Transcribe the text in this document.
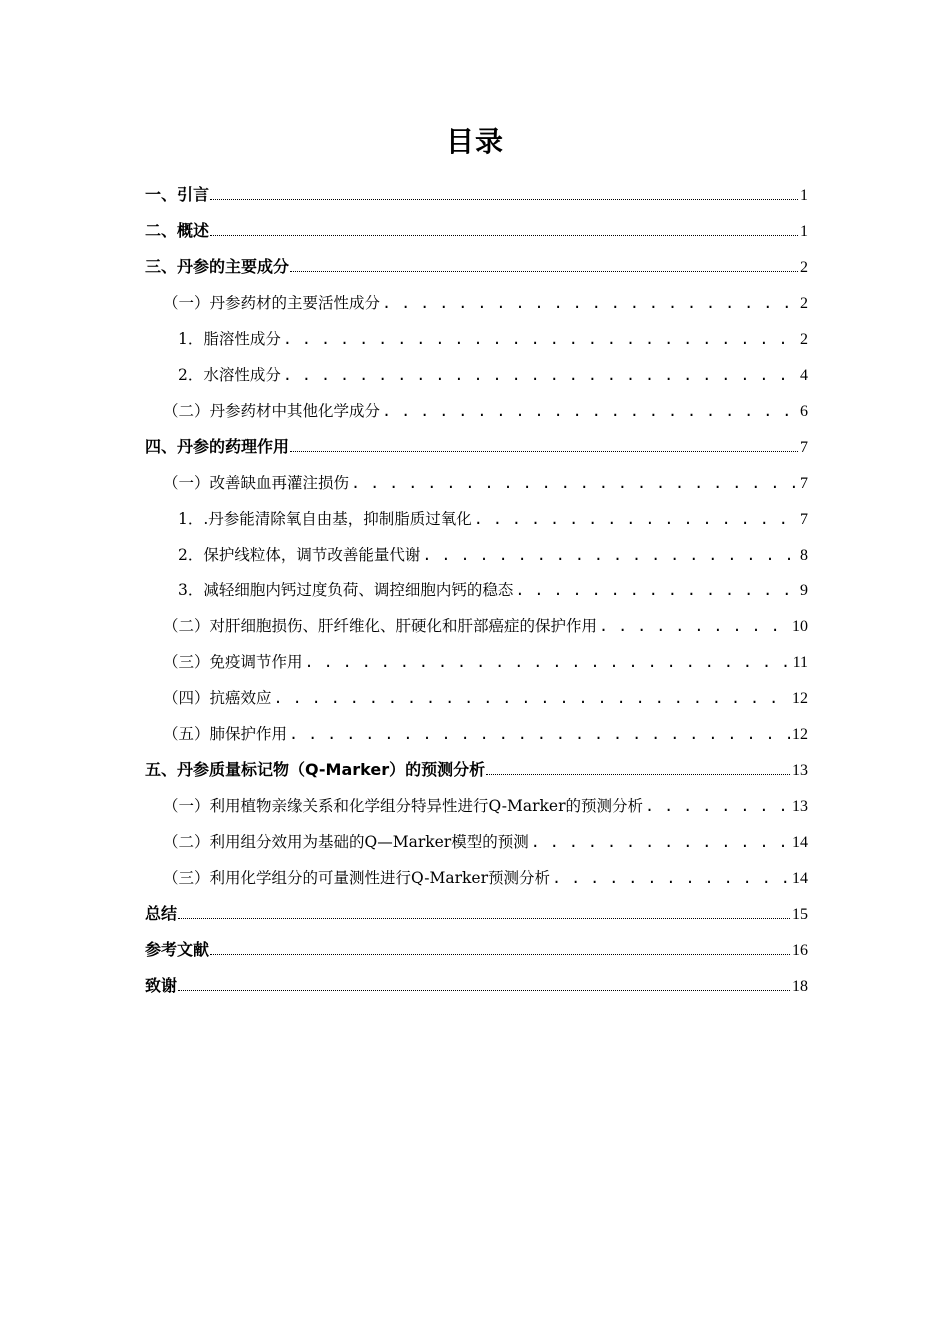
目录
一、引言	1
二、概述	1
三、丹参的主要成分	2
（一）丹参药材的主要活性成分 . . .	2
1．脂溶性成分 . . .	2
2．水溶性成分 . . .	4
（二）丹参药材中其他化学成分 . . .	6
四、丹参的药理作用	7
（一）改善缺血再灌注损伤 . . .	7
1．.丹参能清除氧自由基，抑制脂质过氧化 . . .	7
2．保护线粒体，调节改善能量代谢 . . .	8
3．减轻细胞内钙过度负荷、调控细胞内钙的稳态 . . .	9
（二）对肝细胞损伤、肝纤维化、肝硬化和肝部癌症的保护作用 . . .	10
（三）免疫调节作用 . . .	11
（四）抗癌效应 . . .	12
（五）肺保护作用 . . .	12
五、丹参质量标记物（Q-Marker）的预测分析	13
（一）利用植物亲缘关系和化学组分特异性进行Q-Marker的预测分析 . . .	13
（二）利用组分效用为基础的Q—Marker模型的预测 . . .	14
（三）利用化学组分的可量测性进行Q-Marker预测分析 . . .	14
总结	15
参考文献	16
致谢	18
